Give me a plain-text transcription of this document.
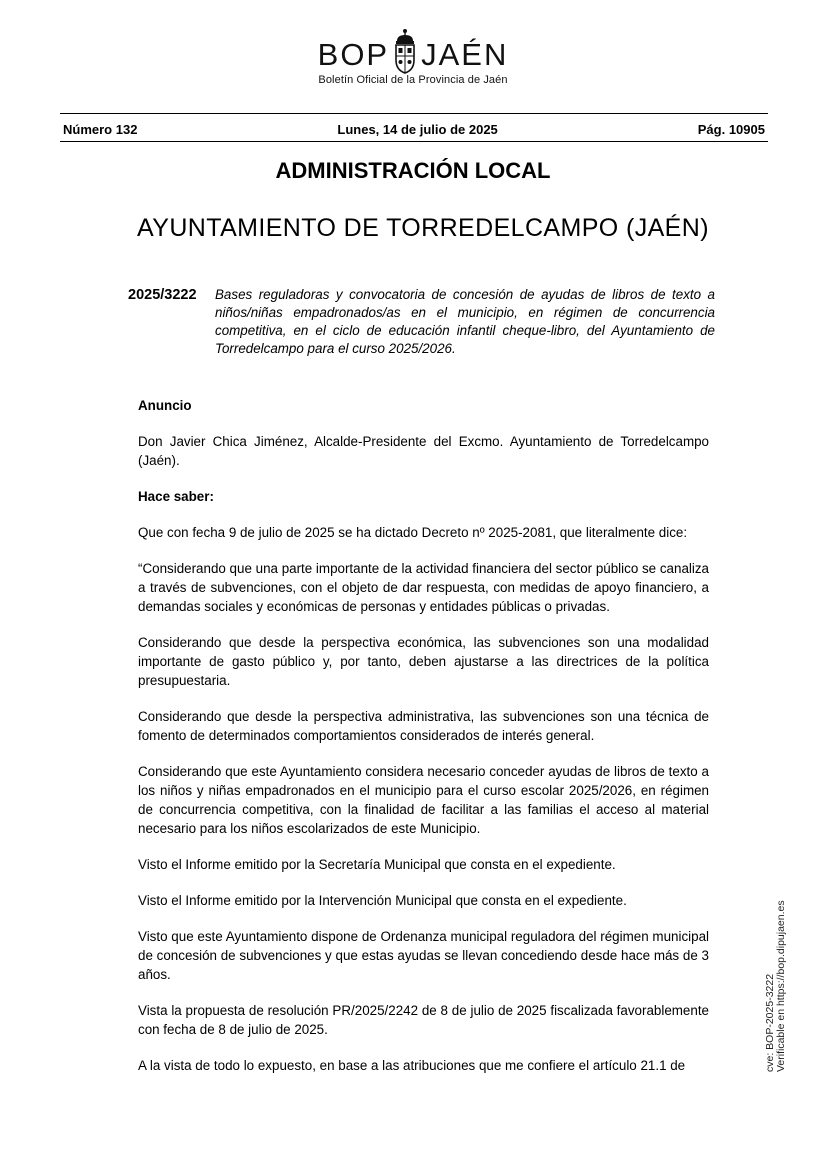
BOP JAÉN
Boletín Oficial de la Provincia de Jaén
Número 132	Lunes, 14 de julio de 2025	Pág. 10905
ADMINISTRACIÓN LOCAL
AYUNTAMIENTO DE TORREDELCAMPO (JAÉN)
2025/3222 Bases reguladoras y convocatoria de concesión de ayudas de libros de texto a niños/niñas empadronados/as en el municipio, en régimen de concurrencia competitiva, en el ciclo de educación infantil cheque-libro, del Ayuntamiento de Torredelcampo para el curso 2025/2026.

Anuncio

Don Javier Chica Jiménez, Alcalde-Presidente del Excmo. Ayuntamiento de Torredelcampo (Jaén).

Hace saber:

Que con fecha 9 de julio de 2025 se ha dictado Decreto nº 2025-2081, que literalmente dice:

“Considerando que una parte importante de la actividad financiera del sector público se canaliza a través de subvenciones, con el objeto de dar respuesta, con medidas de apoyo financiero, a demandas sociales y económicas de personas y entidades públicas o privadas.

Considerando que desde la perspectiva económica, las subvenciones son una modalidad importante de gasto público y, por tanto, deben ajustarse a las directrices de la política presupuestaria.

Considerando que desde la perspectiva administrativa, las subvenciones son una técnica de fomento de determinados comportamientos considerados de interés general.

Considerando que este Ayuntamiento considera necesario conceder ayudas de libros de texto a los niños y niñas empadronados en el municipio para el curso escolar 2025/2026, en régimen de concurrencia competitiva, con la finalidad de facilitar a las familias el acceso al material necesario para los niños escolarizados de este Municipio.

Visto el Informe emitido por la Secretaría Municipal que consta en el expediente.

Visto el Informe emitido por la Intervención Municipal que consta en el expediente.

Visto que este Ayuntamiento dispone de Ordenanza municipal reguladora del régimen municipal de concesión de subvenciones y que estas ayudas se llevan concediendo desde hace más de 3 años.

Vista la propuesta de resolución PR/2025/2242 de 8 de julio de 2025 fiscalizada favorablemente con fecha de 8 de julio de 2025.

A la vista de todo lo expuesto, en base a las atribuciones que me confiere el artículo 21.1 de	cve: BOP-2025-3222 Verificable en https://bop.dipujaen.es
